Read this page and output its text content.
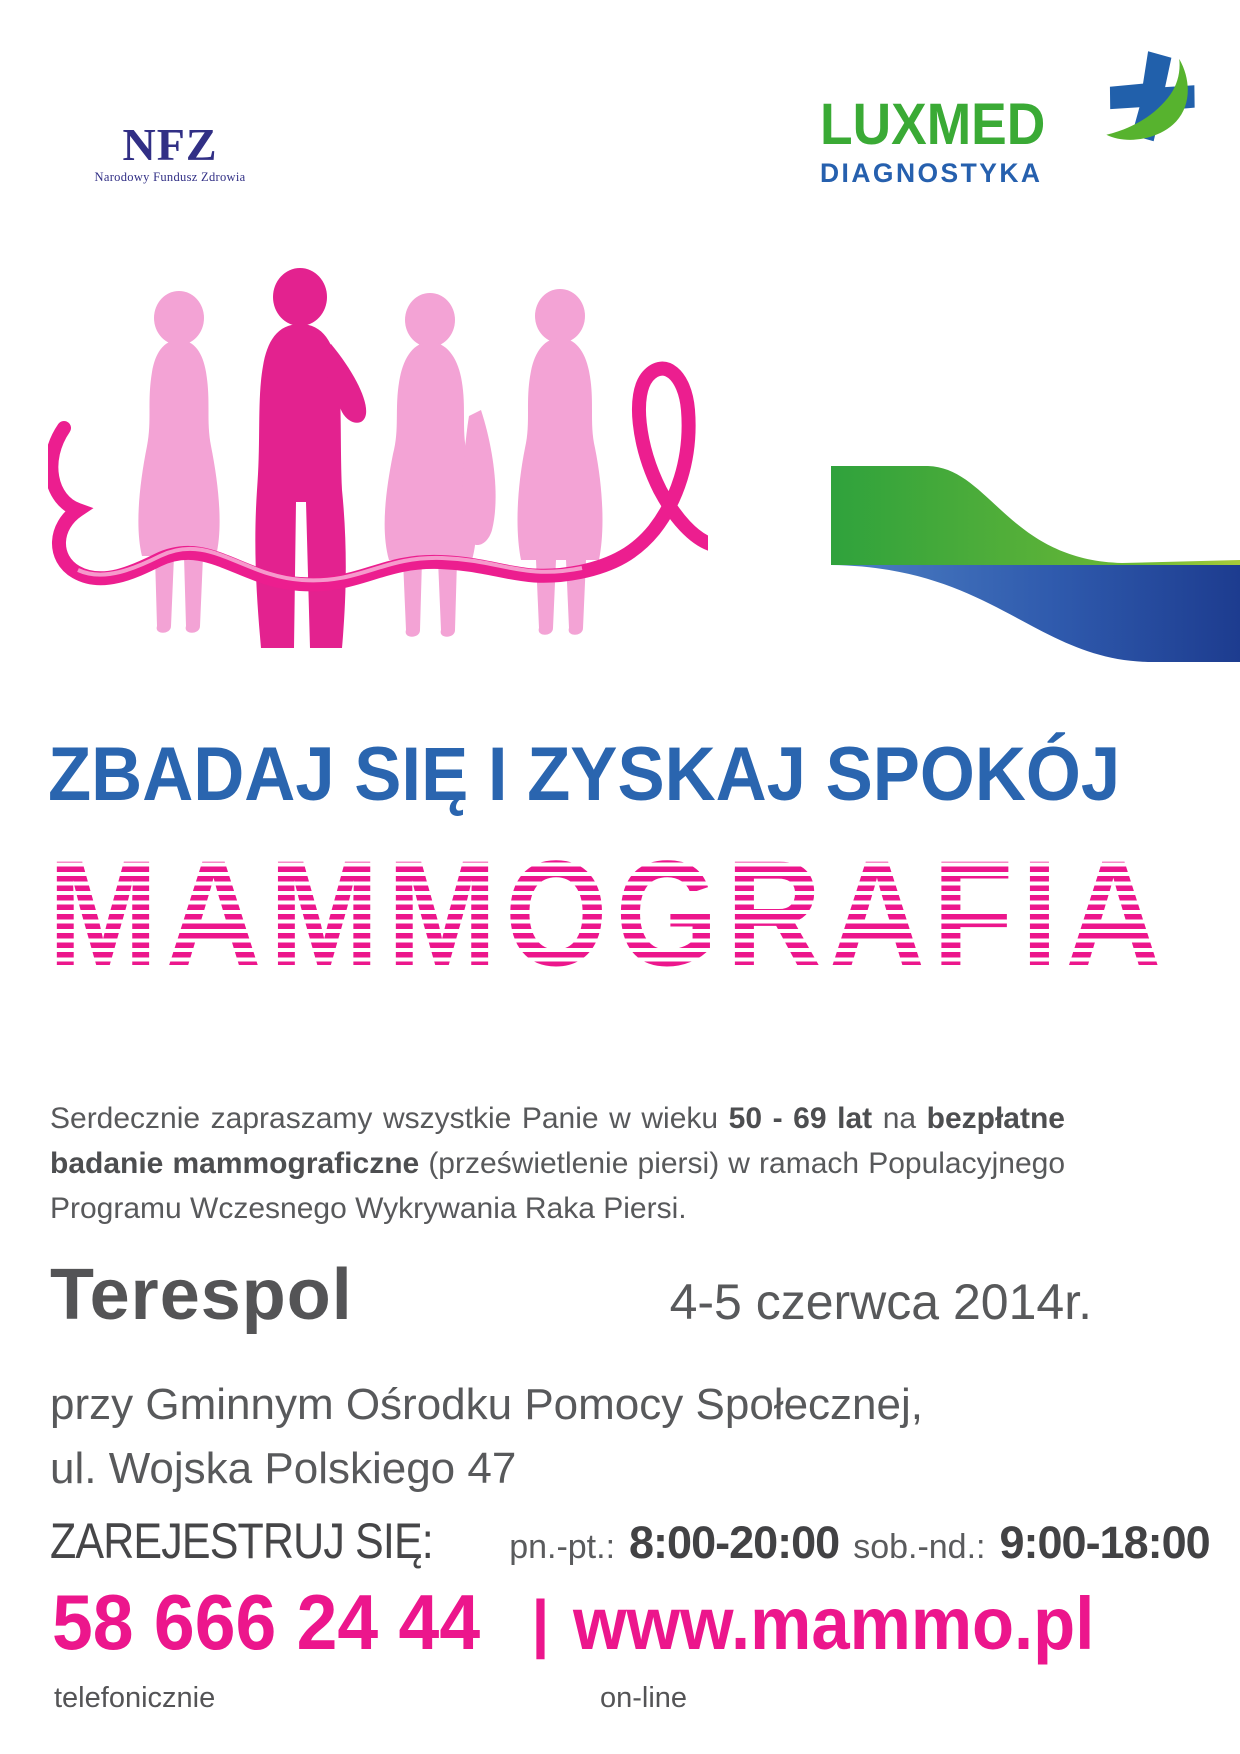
NFZ
Narodowy Fundusz Zdrowia
LUXMED
DIAGNOSTYKA
ZBADAJ SIĘ I ZYSKAJ SPOKÓJ
MAMMOGRAFIA

Serdecznie zapraszamy wszystkie Panie w wieku 50 - 69 lat na bezpłatne badanie mammograficzne (prześwietlenie piersi) w ramach Populacyjnego Programu Wczesnego Wykrywania Raka Piersi.

Terespol	4-5 czerwca 2014r.
przy Gminnym Ośrodku Pomocy Społecznej,
ul. Wojska Polskiego 47
ZAREJESTRUJ SIĘ: pn.-pt.: 8:00-20:00 sob.-nd.: 9:00-18:00
58 666 24 44 | www.mammo.pl
telefonicznie	on-line
